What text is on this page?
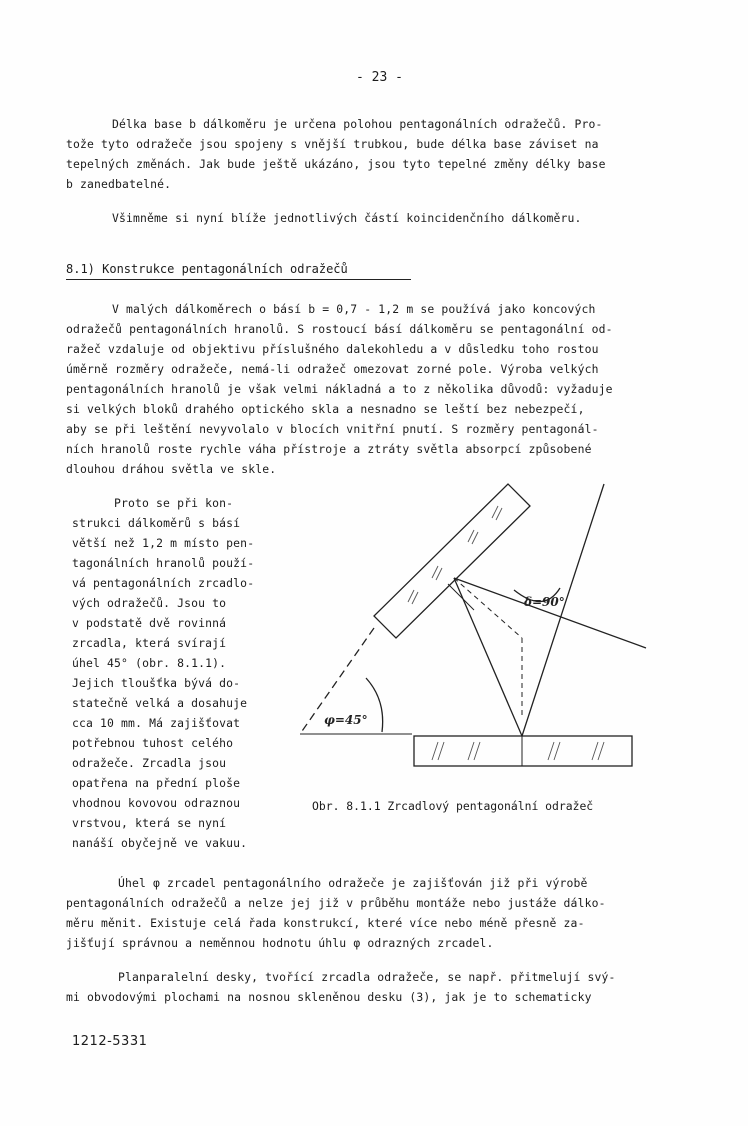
- 23 -
Délka base b dálkoměru je určena polohou pentagonálních odražečů. Pro-
tože tyto odražeče jsou spojeny s vnější trubkou, bude délka base záviset na
tepelných změnách. Jak bude ještě ukázáno, jsou tyto tepelné změny délky base
b zanedbatelné.
Všimněme si nyní blíže jednotlivých částí koincidenčního dálkoměru.
8.1) Konstrukce pentagonálních odražečů
V malých dálkoměrech o básí b = 0,7 - 1,2 m se používá jako koncových
odražečů pentagonálních hranolů. S rostoucí básí dálkoměru se pentagonální od-
ražeč vzdaluje od objektivu příslušného dalekohledu a v důsledku toho rostou
úměrně rozměry odražeče, nemá-li odražeč omezovat zorné pole. Výroba velkých
pentagonálních hranolů je však velmi nákladná a to z několika důvodů: vyžaduje
si velkých bloků drahého optického skla a nesnadno se leští bez nebezpečí,
aby se při leštění nevyvolalo v blocích vnitřní pnutí. S rozměry pentagonál-
ních hranolů roste rychle váha přístroje a ztráty světla absorpcí způsobené
dlouhou dráhou světla ve skle.
Proto se při kon-
strukci dálkoměrů s básí
větší než 1,2 m místo pen-
tagonálních hranolů použí-
vá pentagonálních zrcadlo-
vých odražečů. Jsou to
v podstatě dvě rovinná
zrcadla, která svírají
úhel 45° (obr. 8.1.1).
Jejich tloušťka bývá do-
statečně velká a dosahuje
cca 10 mm. Má zajišťovat
potřebnou tuhost celého
odražeče. Zrcadla jsou
opatřena na přední ploše
vhodnou kovovou odraznou
vrstvou, která se nyní
nanáší obyčejně ve vakuu.
φ=45°
δ=90°
Obr. 8.1.1 Zrcadlový pentagonální odražeč
Úhel φ zrcadel pentagonálního odražeče je zajišťován již při výrobě
pentagonálních odražečů a nelze jej již v průběhu montáže nebo justáže dálko-
měru měnit. Existuje celá řada konstrukcí, které více nebo méně přesně za-
jišťují správnou a neměnnou hodnotu úhlu φ odrazných zrcadel.
Planparalelní desky, tvořící zrcadla odražeče, se např. přitmelují svý-
mi obvodovými plochami na nosnou skleněnou desku (3), jak je to schematicky
1212-5331
